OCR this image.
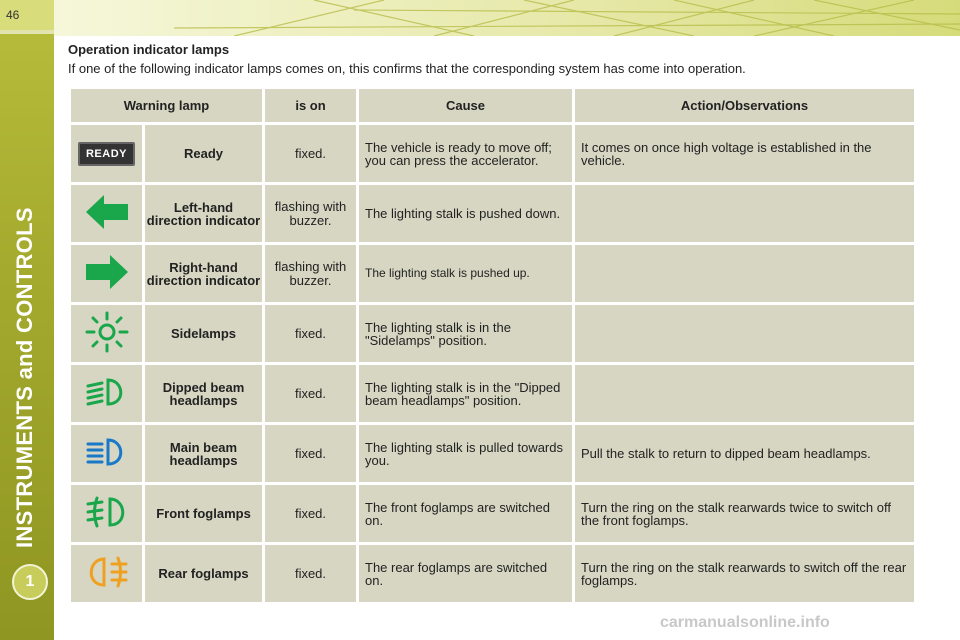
46
INSTRUMENTS and CONTROLS
1
Operation indicator lamps
If one of the following indicator lamps comes on, this confirms that the corresponding system has come into operation.
Warning lamp		is on	Cause	Action/Observations
READY	Ready	fixed.	The vehicle is ready to move off; you can press the accelerator.	It comes on once high voltage is established in the vehicle.
	Left-hand direction indicator	flashing with buzzer.	The lighting stalk is pushed down.	
	Right-hand direction indicator	flashing with buzzer.	The lighting stalk is pushed up.	
	Sidelamps	fixed.	The lighting stalk is in the "Sidelamps" position.	
	Dipped beam headlamps	fixed.	The lighting stalk is in the "Dipped beam headlamps" position.	
	Main beam headlamps	fixed.	The lighting stalk is pulled towards you.	Pull the stalk to return to dipped beam headlamps.
	Front foglamps	fixed.	The front foglamps are switched on.	Turn the ring on the stalk rearwards twice to switch off the front foglamps.
	Rear foglamps	fixed.	The rear foglamps are switched on.	Turn the ring on the stalk rearwards to switch off the rear foglamps.
carmanualsonline.info
